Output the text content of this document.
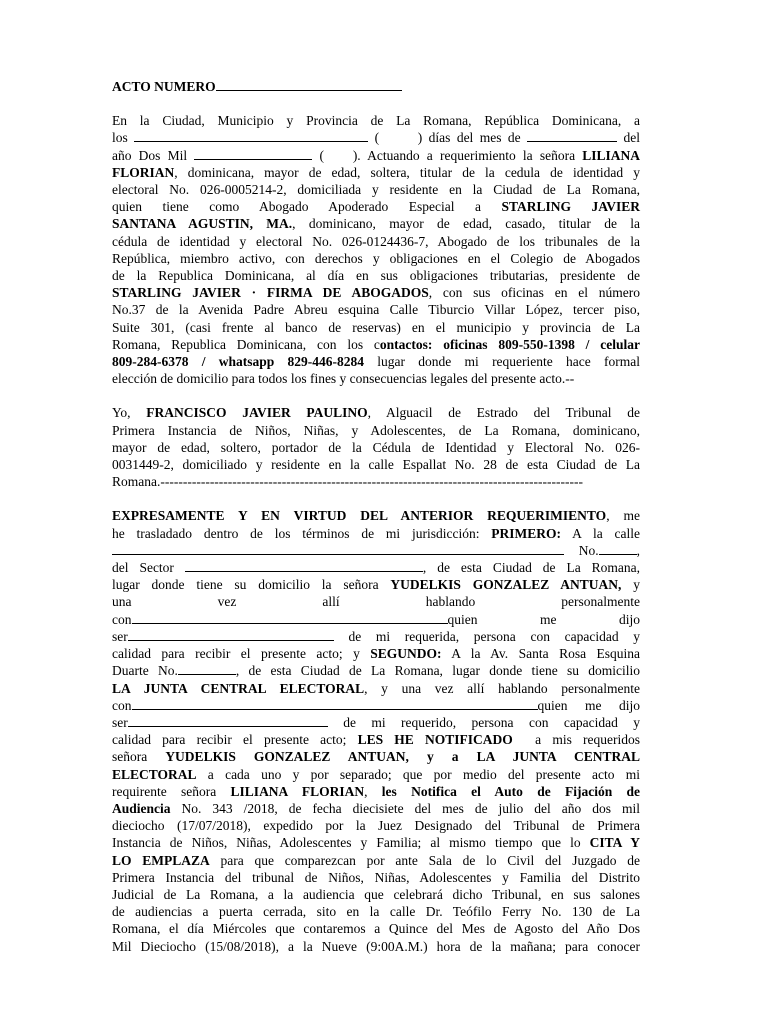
ACTO NUMERO
En la Ciudad, Municipio y Provincia de La Romana, República Dominicana, a
los	(	) días del mes de	del
año Dos Mil	( ). Actuando a requerimiento la señora LILIANA
FLORIAN, dominicana, mayor de edad, soltera, titular de la cedula de identidad y
electoral No. 026-0005214-2, domiciliada y residente en la Ciudad de La Romana,
quien tiene como Abogado Apoderado Especial a STARLING JAVIER
SANTANA AGUSTIN, MA., dominicano, mayor de edad, casado, titular de la
cédula de identidad y electoral No. 026-0124436-7, Abogado de los tribunales de la
República, miembro activo, con derechos y obligaciones en el Colegio de Abogados
de la Republica Dominicana, al día en sus obligaciones tributarias, presidente de
STARLING JAVIER · FIRMA DE ABOGADOS, con sus oficinas en el número
No.37 de la Avenida Padre Abreu esquina Calle Tiburcio Villar López, tercer piso,
Suite 301, (casi frente al banco de reservas) en el municipio y provincia de La
Romana, Republica Dominicana, con los contactos: oficinas 809-550-1398 / celular
809-284-6378 / whatsapp 829-446-8284 lugar donde mi requeriente hace formal
elección de domicilio para todos los fines y consecuencias legales del presente acto.--
Yo, FRANCISCO JAVIER PAULINO, Alguacil de Estrado del Tribunal de
Primera Instancia de Niños, Niñas, y Adolescentes, de La Romana, dominicano,
mayor de edad, soltero, portador de la Cédula de Identidad y Electoral No. 026-
0031449-2, domiciliado y residente en la calle Espallat No. 28 de esta Ciudad de La
Romana.----------------------------------------------------------------------------------------------
EXPRESAMENTE Y EN VIRTUD DEL ANTERIOR REQUERIMIENTO, me
he trasladado dentro de los términos de mi jurisdicción: PRIMERO: A la calle
No.	,
del Sector	, de esta Ciudad de La Romana,
lugar donde tiene su domicilio la señora YUDELKIS GONZALEZ ANTUAN, y
una	vez	allí	hablando	personalmente
con	quien	me	dijo
ser	de mi requerida, persona con capacidad y
calidad para recibir el presente acto; y SEGUNDO: A la Av. Santa Rosa Esquina
Duarte No.	, de esta Ciudad de La Romana, lugar donde tiene su domicilio
LA JUNTA CENTRAL ELECTORAL, y una vez allí hablando personalmente
con	quien me dijo
ser	de mi requerido, persona con capacidad y
calidad para recibir el presente acto; LES HE NOTIFICADO a mis requeridos
señora YUDELKIS GONZALEZ ANTUAN, y a LA JUNTA CENTRAL
ELECTORAL a cada uno y por separado; que por medio del presente acto mi
requirente señora LILIANA FLORIAN, les Notifica el Auto de Fijación de
Audiencia No. 343 /2018, de fecha diecisiete del mes de julio del año dos mil
dieciocho (17/07/2018), expedido por la Juez Designado del Tribunal de Primera
Instancia de Niños, Niñas, Adolescentes y Familia; al mismo tiempo que lo CITA Y
LO EMPLAZA para que comparezcan por ante Sala de lo Civil del Juzgado de
Primera Instancia del tribunal de Niños, Niñas, Adolescentes y Familia del Distrito
Judicial de La Romana, a la audiencia que celebrará dicho Tribunal, en sus salones
de audiencias a puerta cerrada, sito en la calle Dr. Teófilo Ferry No. 130 de La
Romana, el día Miércoles que contaremos a Quince del Mes de Agosto del Año Dos
Mil Dieciocho (15/08/2018), a la Nueve (9:00A.M.) hora de la mañana; para conocer
